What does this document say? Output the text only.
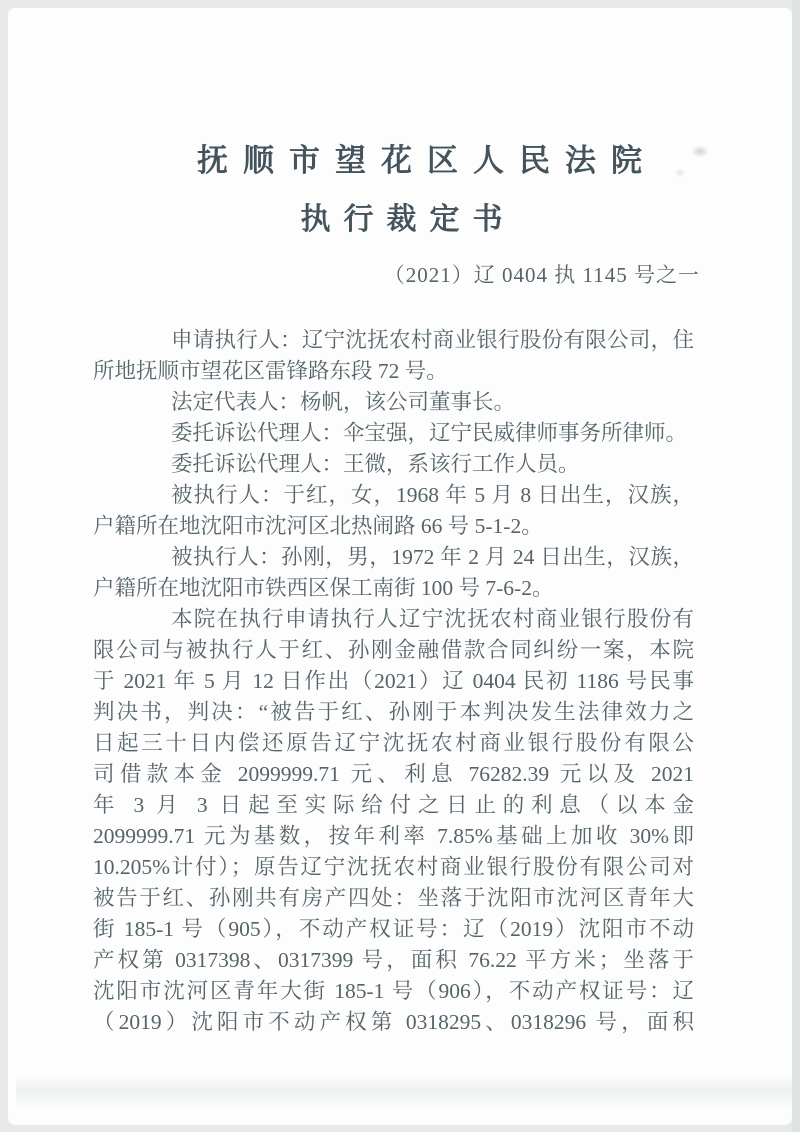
抚顺市望花区人民法院
执行裁定书
（2021）辽 0404 执 1145 号之一
申请执行人：辽宁沈抚农村商业银行股份有限公司，住
所地抚顺市望花区雷锋路东段 72 号。
法定代表人：杨帆，该公司董事长。
委托诉讼代理人：伞宝强，辽宁民威律师事务所律师。
委托诉讼代理人：王微，系该行工作人员。
被执行人：于红，女，1968 年 5 月 8 日出生，汉族，
户籍所在地沈阳市沈河区北热闹路 66 号 5-1-2。
被执行人：孙刚，男，1972 年 2 月 24 日出生，汉族，
户籍所在地沈阳市铁西区保工南街 100 号 7-6-2。
本院在执行申请执行人辽宁沈抚农村商业银行股份有
限公司与被执行人于红、孙刚金融借款合同纠纷一案，本院
于 2021 年 5 月 12 日作出（2021）辽 0404 民初 1186 号民事
判决书，判决：“被告于红、孙刚于本判决发生法律效力之
日起三十日内偿还原告辽宁沈抚农村商业银行股份有限公
司借款本金 2099999.71 元、利息 76282.39 元以及 2021
年 3 月 3 日起至实际给付之日止的利息（以本金
2099999.71 元为基数，按年利率 7.85%基础上加收 30%即
10.205%计付）；原告辽宁沈抚农村商业银行股份有限公司对
被告于红、孙刚共有房产四处：坐落于沈阳市沈河区青年大
街 185-1 号（905），不动产权证号：辽（2019）沈阳市不动
产权第 0317398、0317399 号，面积 76.22 平方米；坐落于
沈阳市沈河区青年大街 185-1 号（906），不动产权证号：辽
（2019）沈阳市不动产权第 0318295、0318296 号，面积
